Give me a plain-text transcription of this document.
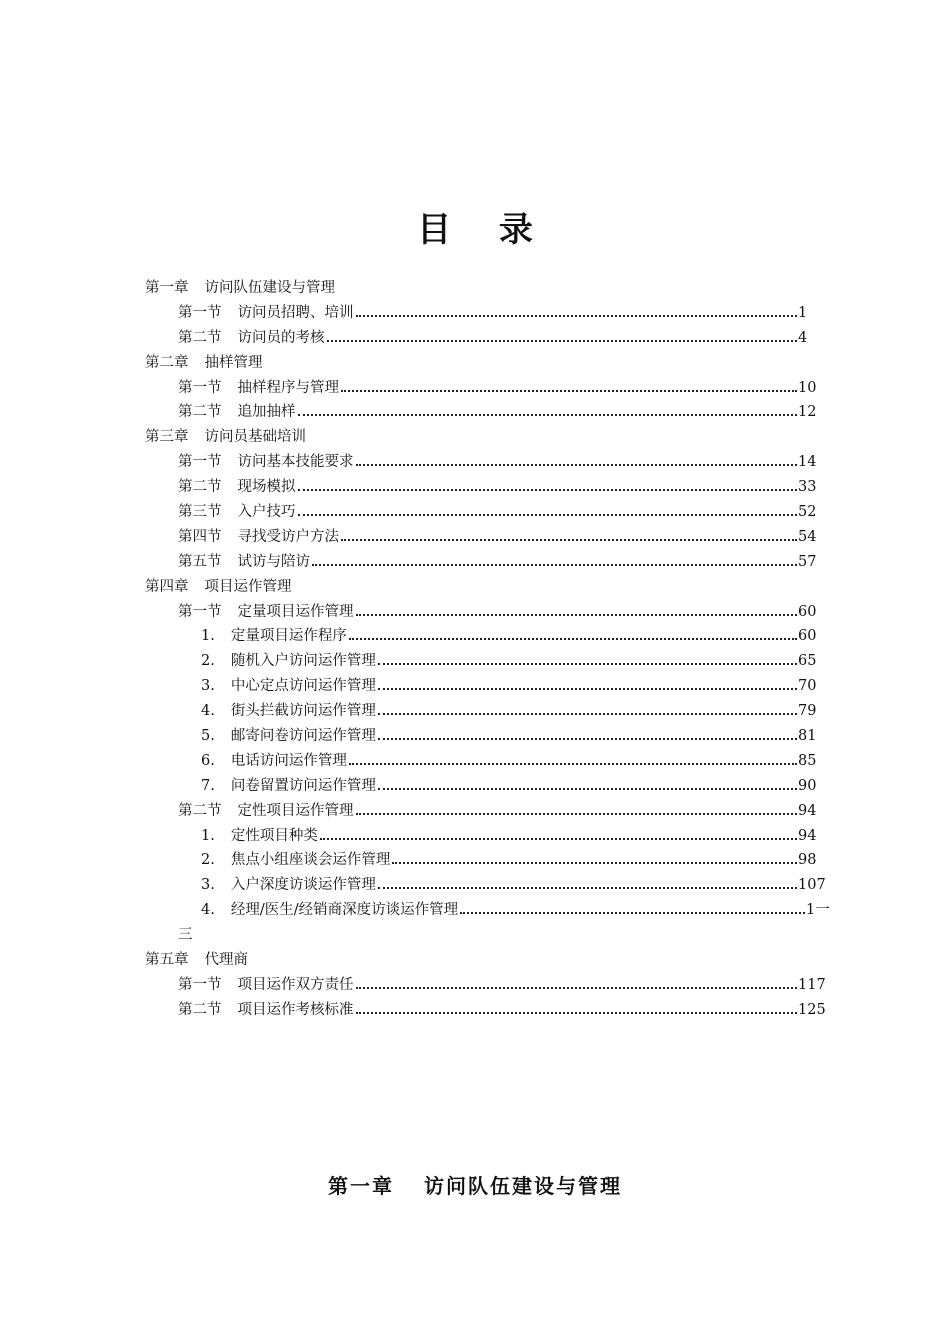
目 录
第一章 访问队伍建设与管理
第一节 访问员招聘、培训	1
第二节 访问员的考核	4
第二章 抽样管理
第一节 抽样程序与管理	10
第二节 追加抽样	12
第三章 访问员基础培训
第一节 访问基本技能要求	14
第二节 现场模拟	33
第三节 入户技巧	52
第四节 寻找受访户方法	54
第五节 试访与陪访	57
第四章 项目运作管理
第一节 定量项目运作管理	60
1. 定量项目运作程序	60
2. 随机入户访问运作管理	65
3. 中心定点访问运作管理	70
4. 街头拦截访问运作管理	79
5. 邮寄问卷访问运作管理	81
6. 电话访问运作管理	85
7. 问卷留置访问运作管理	90
第二节 定性项目运作管理	94
1. 定性项目种类	94
2. 焦点小组座谈会运作管理	98
3. 入户深度访谈运作管理	107
4. 经理/医生/经销商深度访谈运作管理	1一
三
第五章 代理商
第一节 项目运作双方责任	117
第二节 项目运作考核标准	125
第一章 访问队伍建设与管理
